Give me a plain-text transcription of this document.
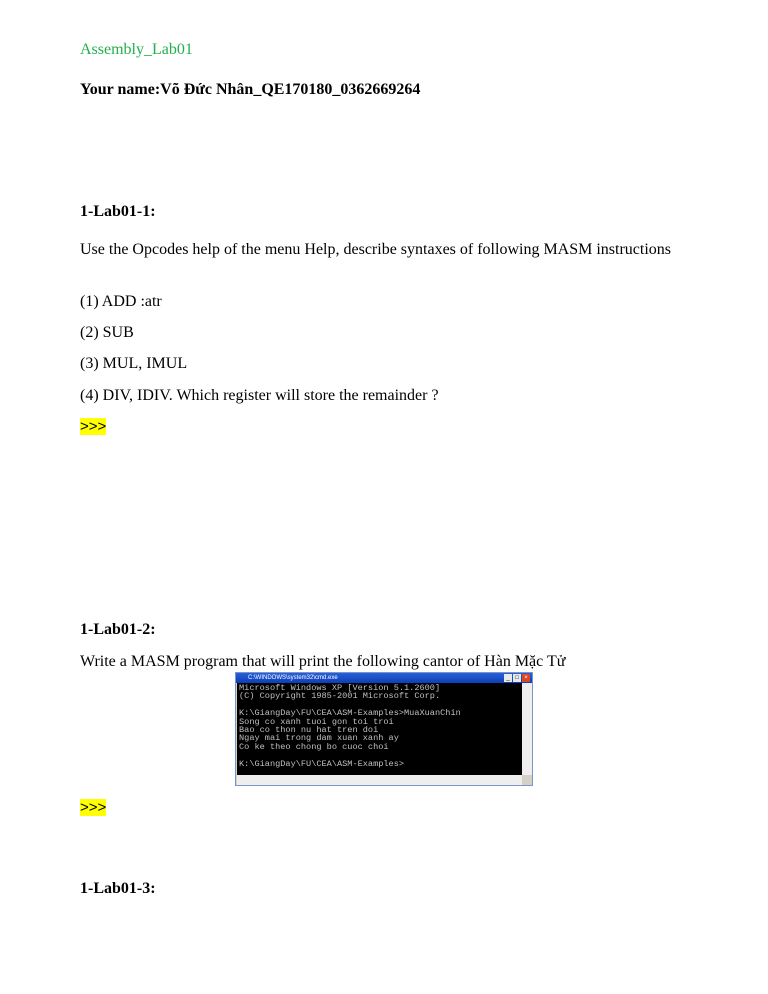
Assembly_Lab01
Your name:Võ Đức Nhân_QE170180_0362669264
1-Lab01-1:
Use the Opcodes help of the menu Help, describe syntaxes of following MASM instructions
(1) ADD :atr
(2) SUB
(3) MUL, IMUL
(4) DIV, IDIV. Which register will store the remainder ?
>>>
1-Lab01-2:
Write a MASM program that will print the following cantor of Hàn Mặc Tử
C:\WINDOWS\system32\cmd.exe	_ □ ×
Microsoft Windows XP [Version 5.1.2600]
(C) Copyright 1985-2001 Microsoft Corp.

K:\GiangDay\FU\CEA\ASM-Examples>MuaXuanChin
Song co xanh tuoi gon toi troi
Bao co thon nu hat tren doi
Ngay mai trong dam xuan xanh ay
Co ke theo chong bo cuoc choi

K:\GiangDay\FU\CEA\ASM-Examples>
>>>
1-Lab01-3:
